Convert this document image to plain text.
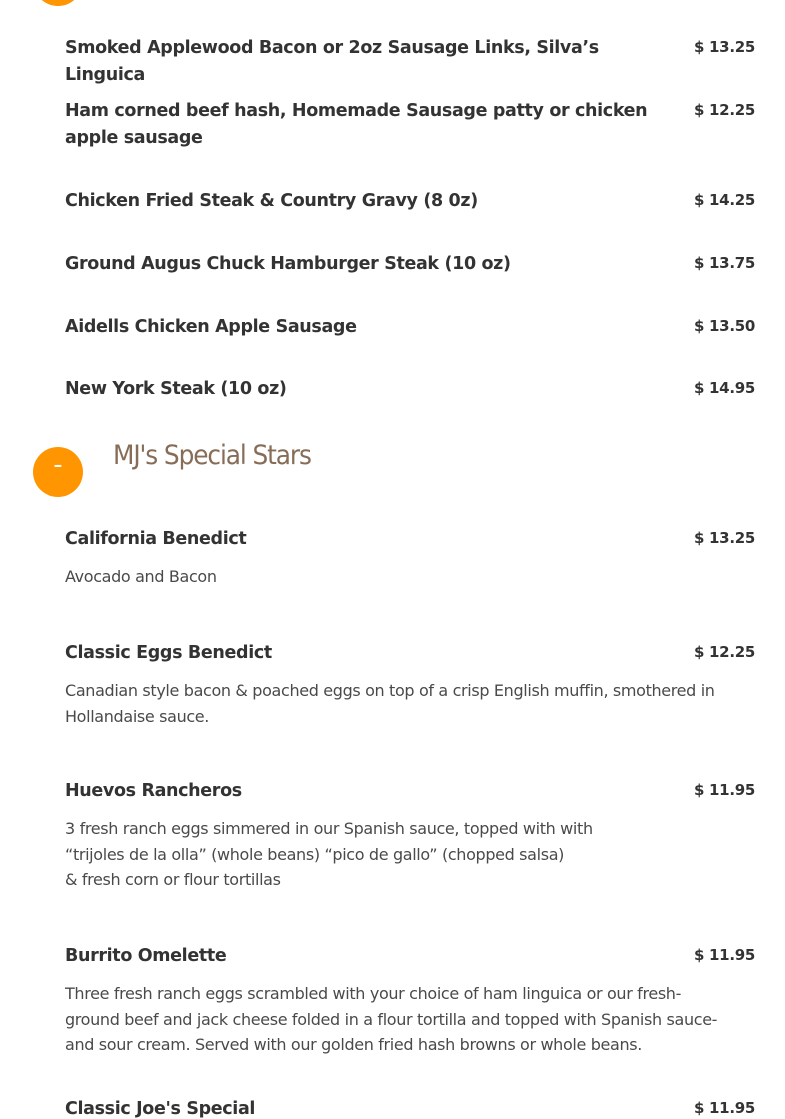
Smoked Applewood Bacon or 2oz Sausage Links, Silva’s Linguica
$ 13.25
Ham corned beef hash, Homemade Sausage patty or chicken apple sausage
$ 12.25
Chicken Fried Steak & Country Gravy (8 0z)	$ 14.25
Ground Augus Chuck Hamburger Steak (10 oz)	$ 13.75
Aidells Chicken Apple Sausage	$ 13.50
New York Steak (10 oz)	$ 14.95
-	MJ's Special Stars
California Benedict	$ 13.25
Avocado and Bacon
Classic Eggs Benedict	$ 12.25
Canadian style bacon & poached eggs on top of a crisp English muffin, smothered in Hollandaise sauce.
Huevos Rancheros	$ 11.95
3 fresh ranch eggs simmered in our Spanish sauce, topped with with
“trijoles de la olla” (whole beans) “pico de gallo” (chopped salsa)
& fresh corn or flour tortillas
Burrito Omelette	$ 11.95
Three fresh ranch eggs scrambled with your choice of ham linguica or our fresh-ground beef and jack cheese folded in a flour tortilla and topped with Spanish sauce- and sour cream. Served with our golden fried hash browns or whole beans.
Classic Joe's Special	$ 11.95
